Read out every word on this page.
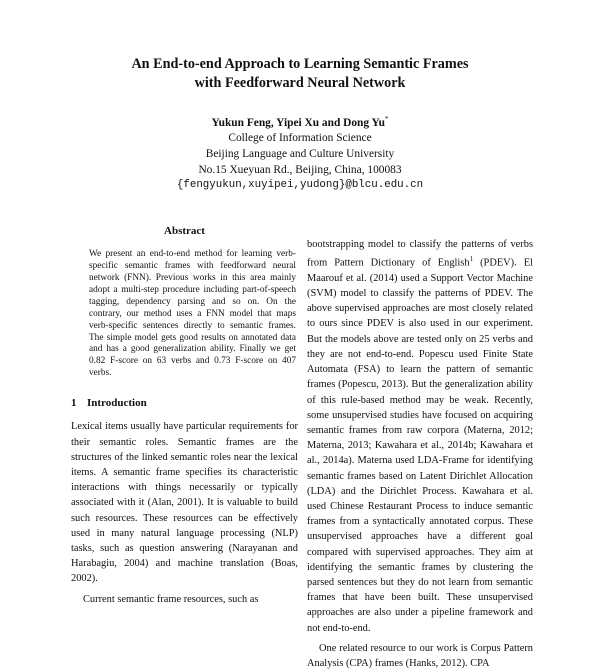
An End-to-end Approach to Learning Semantic Frames
with Feedforward Neural Network
Yukun Feng, Yipei Xu and Dong Yu*
College of Information Science
Beijing Language and Culture University
No.15 Xueyuan Rd., Beijing, China, 100083
{fengyukun,xuyipei,yudong}@blcu.edu.cn
Abstract

We present an end-to-end method for learning verb-specific semantic frames with feedforward neural network (FNN). Previous works in this area mainly adopt a multi-step procedure including part-of-speech tagging, dependency parsing and so on. On the contrary, our method uses a FNN model that maps verb-specific sentences directly to semantic frames. The simple model gets good results on annotated data and has a good generalization ability. Finally we get 0.82 F-score on 63 verbs and 0.73 F-score on 407 verbs.

1 Introduction

Lexical items usually have particular requirements for their semantic roles. Semantic frames are the structures of the linked semantic roles near the lexical items. A semantic frame specifies its characteristic interactions with things necessarily or typically associated with it (Alan, 2001). It is valuable to build such resources. These resources can be effectively used in many natural language processing (NLP) tasks, such as question answering (Narayanan and Harabagiu, 2004) and machine translation (Boas, 2002).

Current semantic frame resources, such as

bootstrapping model to classify the patterns of verbs from Pattern Dictionary of English$^1$ (PDEV). El Maarouf et al. (2014) used a Support Vector Machine (SVM) model to classify the patterns of PDEV. The above supervised approaches are most closely related to ours since PDEV is also used in our experiment. But the models above are tested only on 25 verbs and they are not end-to-end. Popescu used Finite State Automata (FSA) to learn the pattern of semantic frames (Popescu, 2013). But the generalization ability of this rule-based method may be weak. Recently, some unsupervised studies have focused on acquiring semantic frames from raw corpora (Materna, 2012; Materna, 2013; Kawahara et al., 2014b; Kawahara et al., 2014a). Materna used LDA-Frame for identifying semantic frames based on Latent Dirichlet Allocation (LDA) and the Dirichlet Process. Kawahara et al. used Chinese Restaurant Process to induce semantic frames from a syntactically annotated corpus. These unsupervised approaches have a different goal compared with supervised approaches. They aim at identifying the semantic frames by clustering the parsed sentences but they do not learn from semantic frames that have been built. These unsupervised approaches are also under a pipeline framework and not end-to-end.

One related resource to our work is Corpus Pattern Analysis (CPA) frames (Hanks, 2012). CPA
